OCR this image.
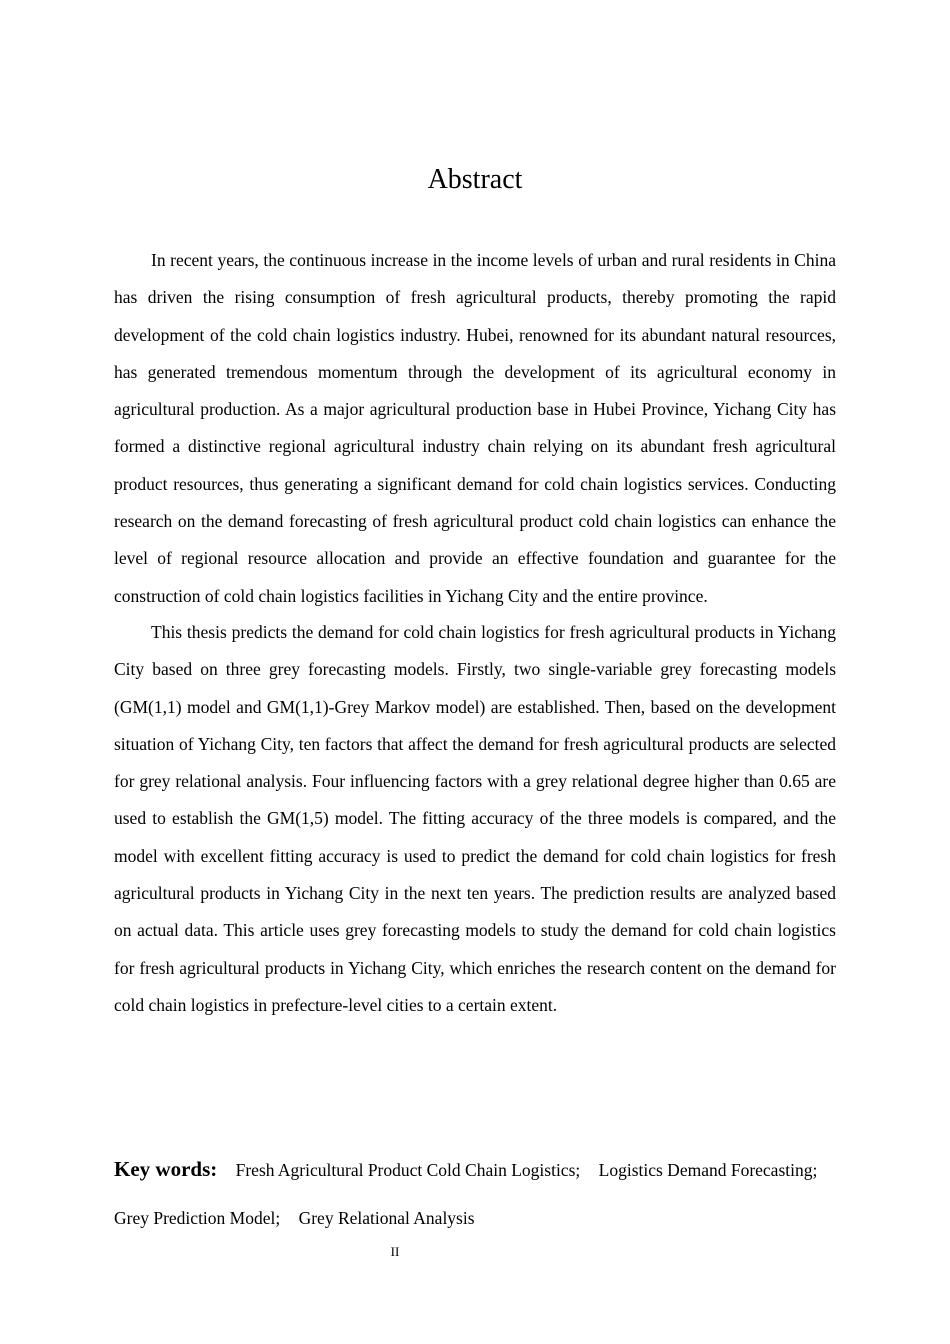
Abstract

In recent years, the continuous increase in the income levels of urban and rural residents in China has driven the rising consumption of fresh agricultural products, thereby promoting the rapid development of the cold chain logistics industry. Hubei, renowned for its abundant natural resources, has generated tremendous momentum through the development of its agricultural economy in agricultural production. As a major agricultural production base in Hubei Province, Yichang City has formed a distinctive regional agricultural industry chain relying on its abundant fresh agricultural product resources, thus generating a significant demand for cold chain logistics services. Conducting research on the demand forecasting of fresh agricultural product cold chain logistics can enhance the level of regional resource allocation and provide an effective foundation and guarantee for the construction of cold chain logistics facilities in Yichang City and the entire province.

This thesis predicts the demand for cold chain logistics for fresh agricultural products in Yichang City based on three grey forecasting models. Firstly, two single-variable grey forecasting models (GM(1,1) model and GM(1,1)-Grey Markov model) are established. Then, based on the development situation of Yichang City, ten factors that affect the demand for fresh agricultural products are selected for grey relational analysis. Four influencing factors with a grey relational degree higher than 0.65 are used to establish the GM(1,5) model. The fitting accuracy of the three models is compared, and the model with excellent fitting accuracy is used to predict the demand for cold chain logistics for fresh agricultural products in Yichang City in the next ten years. The prediction results are analyzed based on actual data. This article uses grey forecasting models to study the demand for cold chain logistics for fresh agricultural products in Yichang City, which enriches the research content on the demand for cold chain logistics in prefecture-level cities to a certain extent.

Key words: Fresh Agricultural Product Cold Chain Logistics; Logistics Demand Forecasting; Grey Prediction Model; Grey Relational Analysis

II
